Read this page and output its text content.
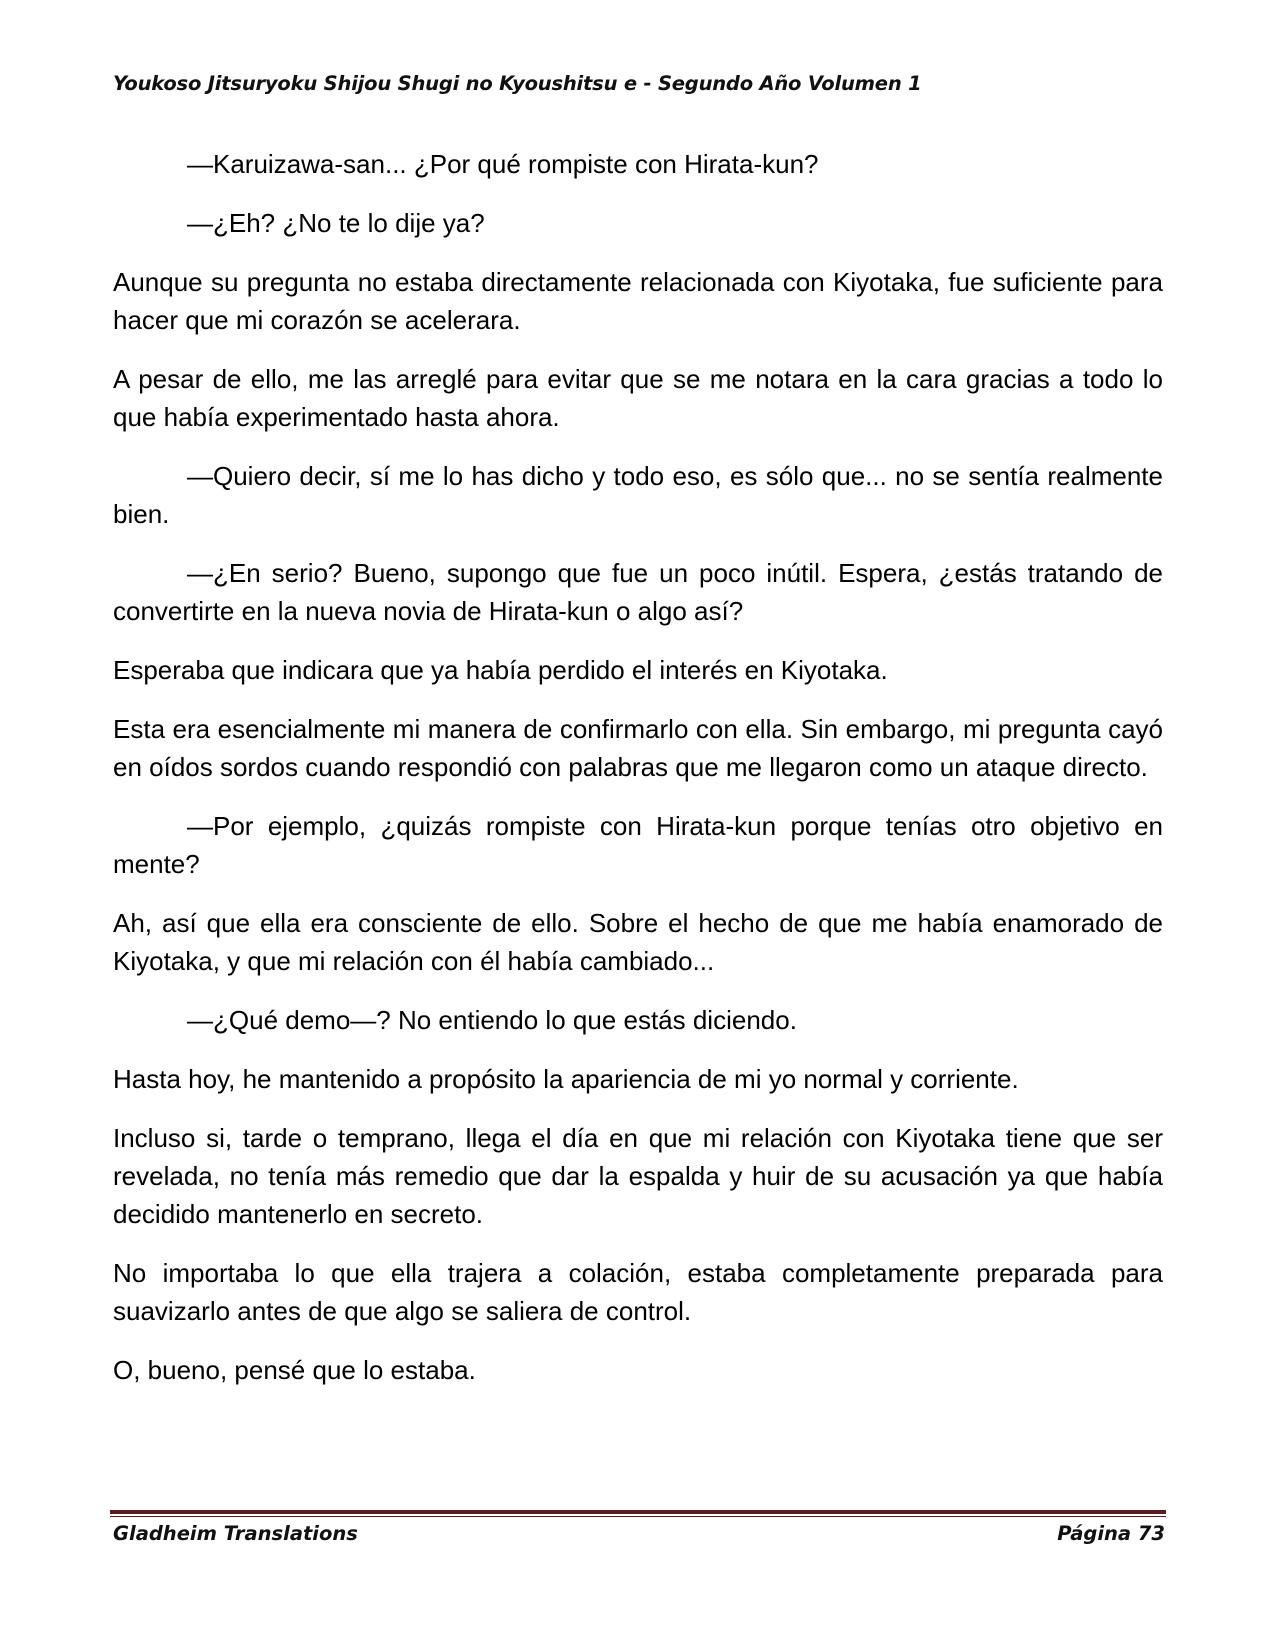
Youkoso Jitsuryoku Shijou Shugi no Kyoushitsu e - Segundo Año Volumen 1

—Karuizawa-san... ¿Por qué rompiste con Hirata-kun?

—¿Eh? ¿No te lo dije ya?

Aunque su pregunta no estaba directamente relacionada con Kiyotaka, fue suficiente para hacer que mi corazón se acelerara.

A pesar de ello, me las arreglé para evitar que se me notara en la cara gracias a todo lo que había experimentado hasta ahora.

—Quiero decir, sí me lo has dicho y todo eso, es sólo que... no se sentía realmente bien.

—¿En serio? Bueno, supongo que fue un poco inútil. Espera, ¿estás tratando de convertirte en la nueva novia de Hirata-kun o algo así?

Esperaba que indicara que ya había perdido el interés en Kiyotaka.

Esta era esencialmente mi manera de confirmarlo con ella. Sin embargo, mi pregunta cayó en oídos sordos cuando respondió con palabras que me llegaron como un ataque directo.

—Por ejemplo, ¿quizás rompiste con Hirata-kun porque tenías otro objetivo en mente?

Ah, así que ella era consciente de ello. Sobre el hecho de que me había enamorado de Kiyotaka, y que mi relación con él había cambiado...

—¿Qué demo—? No entiendo lo que estás diciendo.

Hasta hoy, he mantenido a propósito la apariencia de mi yo normal y corriente.

Incluso si, tarde o temprano, llega el día en que mi relación con Kiyotaka tiene que ser revelada, no tenía más remedio que dar la espalda y huir de su acusación ya que había decidido mantenerlo en secreto.

No importaba lo que ella trajera a colación, estaba completamente preparada para suavizarlo antes de que algo se saliera de control.

O, bueno, pensé que lo estaba.

Gladheim Translations	Página 73
